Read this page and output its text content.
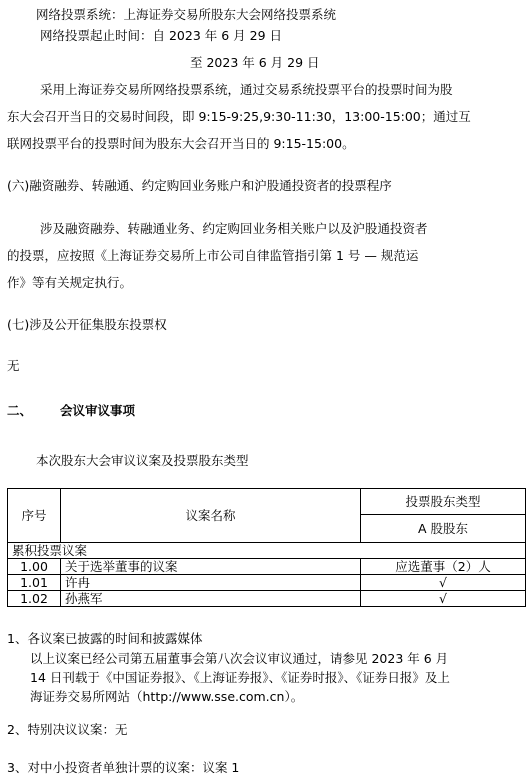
网络投票系统：上海证券交易所股东大会网络投票系统
网络投票起止时间：自 2023 年 6 月 29 日
至 2023 年 6 月 29 日
采用上海证券交易所网络投票系统，通过交易系统投票平台的投票时间为股
东大会召开当日的交易时间段，即 9:15-9:25,9:30-11:30，13:00-15:00；通过互
联网投票平台的投票时间为股东大会召开当日的 9:15-15:00。
(六)融资融券、转融通、约定购回业务账户和沪股通投资者的投票程序
涉及融资融券、转融通业务、约定购回业务相关账户以及沪股通投资者
的投票，应按照《上海证券交易所上市公司自律监管指引第 1 号 — 规范运
作》等有关规定执行。
(七)涉及公开征集股东投票权
无
二、 会议审议事项
本次股东大会审议议案及投票股东类型
序号	议案名称	投票股东类型
		A 股股东
累积投票议案		
1.00	关于选举董事的议案	应选董事（2）人
1.01	许冉	√
1.02	孙燕军	√
1、各议案已披露的时间和披露媒体
以上议案已经公司第五届董事会第八次会议审议通过，请参见 2023 年 6 月
14 日刊载于《中国证券报》、《上海证券报》、《证券时报》、《证券日报》及上
海证券交易所网站（http://www.sse.com.cn）。
2、特别决议议案：无
3、对中小投资者单独计票的议案：议案 1
